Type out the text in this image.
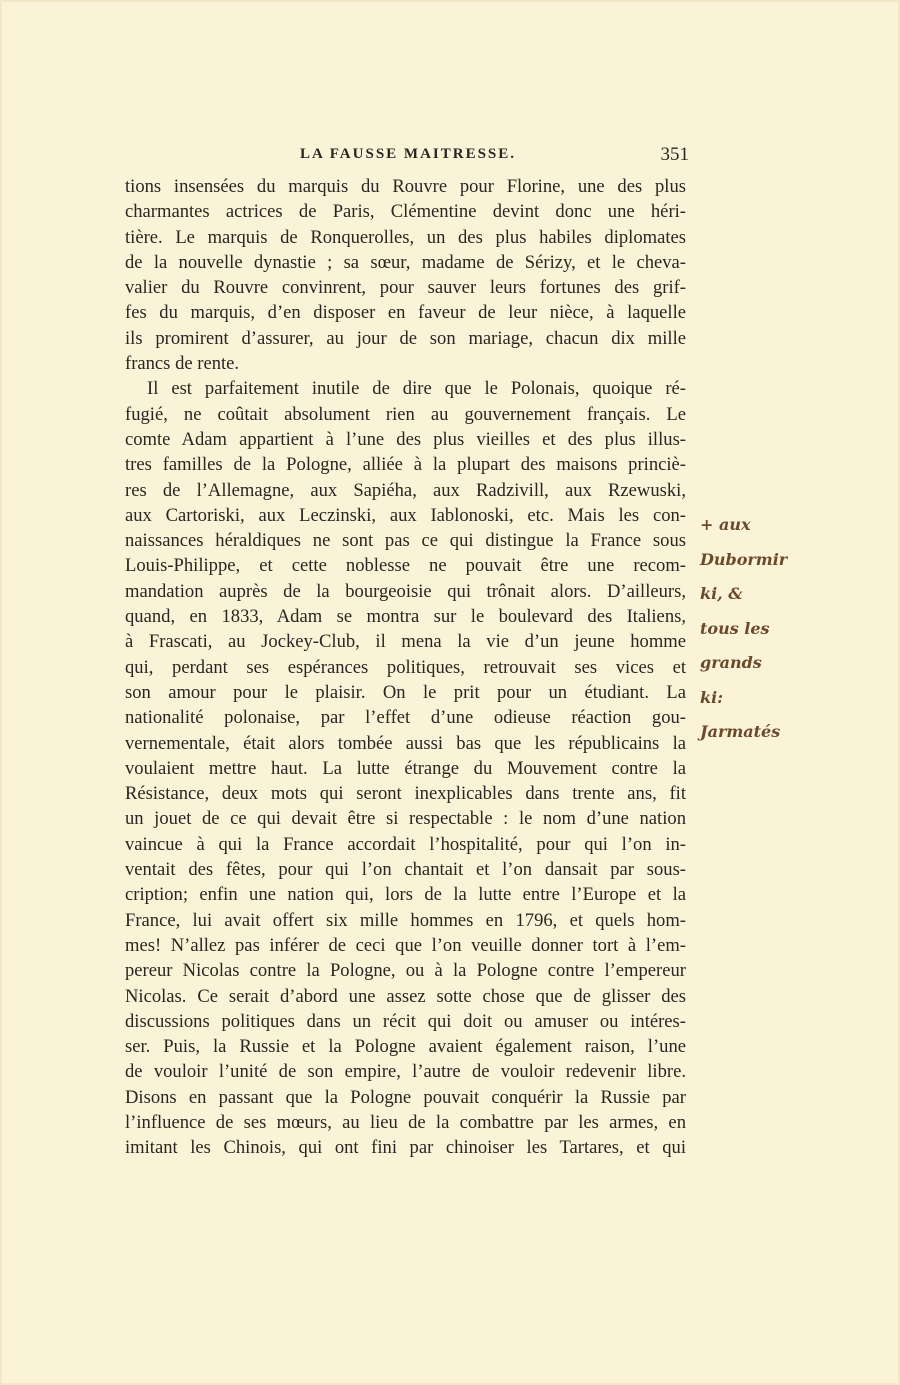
LA FAUSSE MAITRESSE.	351
tions insensées du marquis du Rouvre pour Florine, une des plus
charmantes actrices de Paris, Clémentine devint donc une héri-
tière. Le marquis de Ronquerolles, un des plus habiles diplomates
de la nouvelle dynastie ; sa sœur, madame de Sérizy, et le cheva-
valier du Rouvre convinrent, pour sauver leurs fortunes des grif-
fes du marquis, d’en disposer en faveur de leur nièce, à laquelle
ils promirent d’assurer, au jour de son mariage, chacun dix mille
francs de rente.
Il est parfaitement inutile de dire que le Polonais, quoique ré-
fugié, ne coûtait absolument rien au gouvernement français. Le
comte Adam appartient à l’une des plus vieilles et des plus illus-
tres familles de la Pologne, alliée à la plupart des maisons princiè-
res de l’Allemagne, aux Sapiéha, aux Radzivill, aux Rzewuski,
aux Cartoriski, aux Leczinski, aux Iablonoski, etc. Mais les con-
naissances héraldiques ne sont pas ce qui distingue la France sous
Louis-Philippe, et cette noblesse ne pouvait être une recom-
mandation auprès de la bourgeoisie qui trônait alors. D’ailleurs,
quand, en 1833, Adam se montra sur le boulevard des Italiens,
à Frascati, au Jockey-Club, il mena la vie d’un jeune homme
qui, perdant ses espérances politiques, retrouvait ses vices et
son amour pour le plaisir. On le prit pour un étudiant. La
nationalité polonaise, par l’effet d’une odieuse réaction gou-
vernementale, était alors tombée aussi bas que les républicains la
voulaient mettre haut. La lutte étrange du Mouvement contre la
Résistance, deux mots qui seront inexplicables dans trente ans, fit
un jouet de ce qui devait être si respectable : le nom d’une nation
vaincue à qui la France accordait l’hospitalité, pour qui l’on in-
ventait des fêtes, pour qui l’on chantait et l’on dansait par sous-
cription; enfin une nation qui, lors de la lutte entre l’Europe et la
France, lui avait offert six mille hommes en 1796, et quels hom-
mes! N’allez pas inférer de ceci que l’on veuille donner tort à l’em-
pereur Nicolas contre la Pologne, ou à la Pologne contre l’empereur
Nicolas. Ce serait d’abord une assez sotte chose que de glisser des
discussions politiques dans un récit qui doit ou amuser ou intéres-
ser. Puis, la Russie et la Pologne avaient également raison, l’une
de vouloir l’unité de son empire, l’autre de vouloir redevenir libre.
Disons en passant que la Pologne pouvait conquérir la Russie par
l’influence de ses mœurs, au lieu de la combattre par les armes, en
imitant les Chinois, qui ont fini par chinoiser les Tartares, et qui
+ aux
Dubormir
ki, &
tous les
grands
ki:
Jarmatés
